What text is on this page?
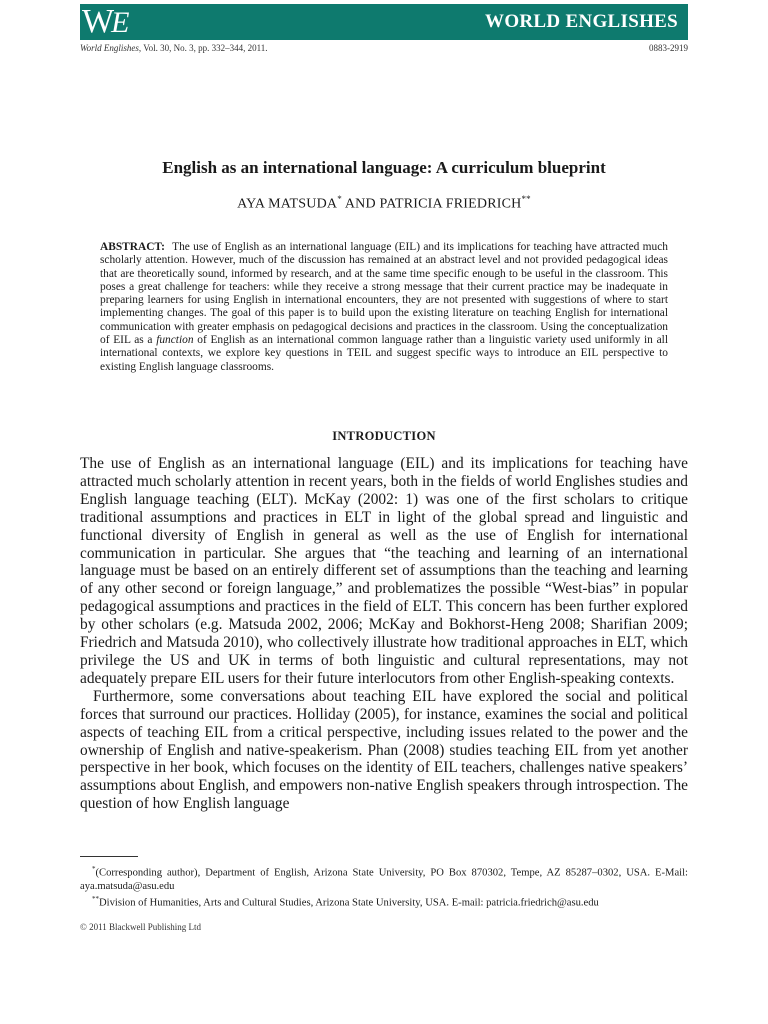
WE	WORLD ENGLISHES
World Englishes, Vol. 30, No. 3, pp. 332–344, 2011.	0883-2919
English as an international language: A curriculum blueprint
AYA MATSUDA* AND PATRICIA FRIEDRICH**
ABSTRACT: The use of English as an international language (EIL) and its implications for teaching have attracted much scholarly attention. However, much of the discussion has remained at an abstract level and not provided pedagogical ideas that are theoretically sound, informed by research, and at the same time specific enough to be useful in the classroom. This poses a great challenge for teachers: while they receive a strong message that their current practice may be inadequate in preparing learners for using English in international encounters, they are not presented with suggestions of where to start implementing changes. The goal of this paper is to build upon the existing literature on teaching English for international communication with greater emphasis on pedagogical decisions and practices in the classroom. Using the conceptualization of EIL as a function of English as an international common language rather than a linguistic variety used uniformly in all international contexts, we explore key questions in TEIL and suggest specific ways to introduce an EIL perspective to existing English language classrooms.
INTRODUCTION

The use of English as an international language (EIL) and its implications for teaching have attracted much scholarly attention in recent years, both in the fields of world Englishes studies and English language teaching (ELT). McKay (2002: 1) was one of the first scholars to critique traditional assumptions and practices in ELT in light of the global spread and linguistic and functional diversity of English in general as well as the use of English for international communication in particular. She argues that “the teaching and learning of an international language must be based on an entirely different set of assumptions than the teaching and learning of any other second or foreign language,” and problematizes the possible “West-bias” in popular pedagogical assumptions and practices in the field of ELT. This concern has been further explored by other scholars (e.g. Matsuda 2002, 2006; McKay and Bokhorst-Heng 2008; Sharifian 2009; Friedrich and Matsuda 2010), who collectively illustrate how traditional approaches in ELT, which privilege the US and UK in terms of both linguistic and cultural representations, may not adequately prepare EIL users for their future interlocutors from other English-speaking contexts.

Furthermore, some conversations about teaching EIL have explored the social and political forces that surround our practices. Holliday (2005), for instance, examines the social and political aspects of teaching EIL from a critical perspective, including issues related to the power and the ownership of English and native-speakerism. Phan (2008) studies teaching EIL from yet another perspective in her book, which focuses on the identity of EIL teachers, challenges native speakers’ assumptions about English, and empowers non-native English speakers through introspection. The question of how English language

*(Corresponding author), Department of English, Arizona State University, PO Box 870302, Tempe, AZ 85287–0302, USA. E-Mail: aya.matsuda@asu.edu

**Division of Humanities, Arts and Cultural Studies, Arizona State University, USA. E-mail: patricia.friedrich@asu.edu

© 2011 Blackwell Publishing Ltd
